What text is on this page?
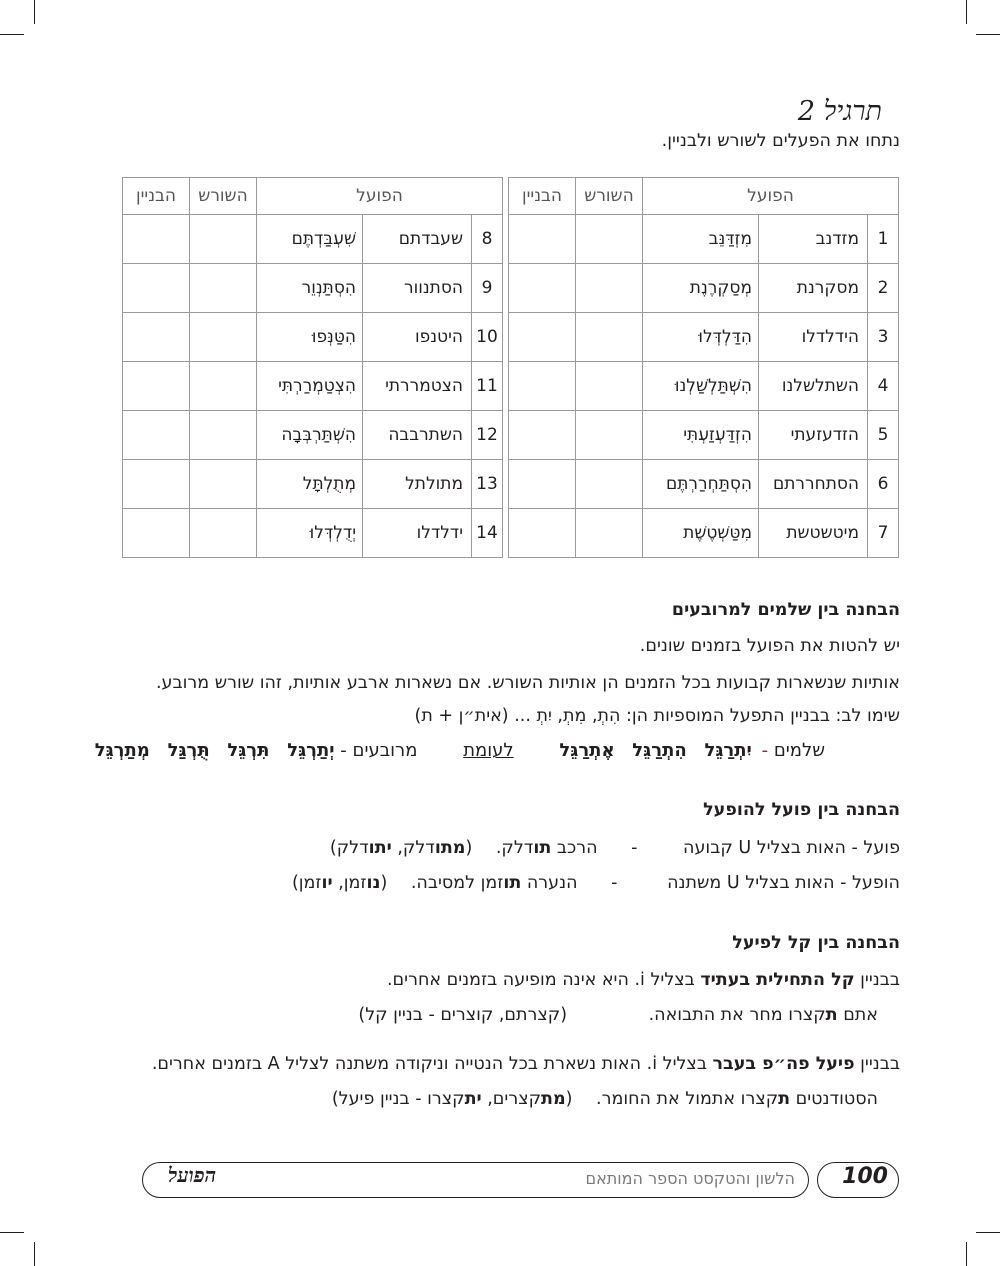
תרגיל 2
נתחו את הפעלים לשורש ולבניין.
הפועל			השורש	הבניין
1	מזדנב	מִזְדַּנֵּב		
2	מסקרנת	מְסַקְרֶנֶת		
3	הידלדלו	הִדַּלְדְּלוּ		
4	השתלשלנו	הִשְׁתַּלְשַׁלְנוּ		
5	הזדעזעתי	הִזְדַּעְזַעְתִּי		
6	הסתחררתם	הִסְתַּחְרַרְתֶּם		
7	מיטשטשת	מִטַּשְׁטֶשֶׁת		
הפועל			השורש	הבניין
8	שעבדתם	שִׁעְבַּדְתֶּם		
9	הסתנוור	הִסְתַּנְוֵר		
10	היטנפו	הִטַּנְּפוּ		
11	הצטמררתי	הִצְטַמְרַרְתִּי		
12	השתרבבה	הִשְׁתַּרְבְּבָה		
13	מתולתל	מְתֻלְתָּל		
14	ידלדלו	יְדֻלְדְּלוּ		
הבחנה בין שלמים למרובעים
יש להטות את הפועל בזמנים שונים.
אותיות שנשארות קבועות בכל הזמנים הן אותיות השורש. אם נשארות ארבע אותיות, זהו שורש מרובע.
שימו לב: בבניין התפעל המוספיות הן: הִתְ, מִתְ, יִתְ ... (אית״ן + ת)
שלמים - יִתְרַגֵּל הִתְרַגֵּל אֶתְרַגֵּל לעומת מרובעים - יְתַרְגֵּל תִּרְגֵּל תֻּרְגַּל מְתַרְגֵּל
הבחנה בין פועל להופעל
פועל - האות בצליל U קבועה - הרכב תודלק. (מתודלק, יתודלק)
הופעל - האות בצליל U משתנה - הנערה תוזמן למסיבה. (נוזמן, יוזמן)
הבחנה בין קל לפיעל
בבניין קל התחילית בעתיד בצליל i. היא אינה מופיעה בזמנים אחרים.
אתם תקצרו מחר את התבואה. (קצרתם, קוצרים - בניין קל)
בבניין פיעל פה״פ בעבר בצליל i. האות נשארת בכל הנטייה וניקודה משתנה לצליל A בזמנים אחרים.
הסטודנטים תקצרו אתמול את החומר. (מתקצרים, יתקצרו - בניין פיעל)
100
הלשון והטקסט הספר המותאם
הפועל
